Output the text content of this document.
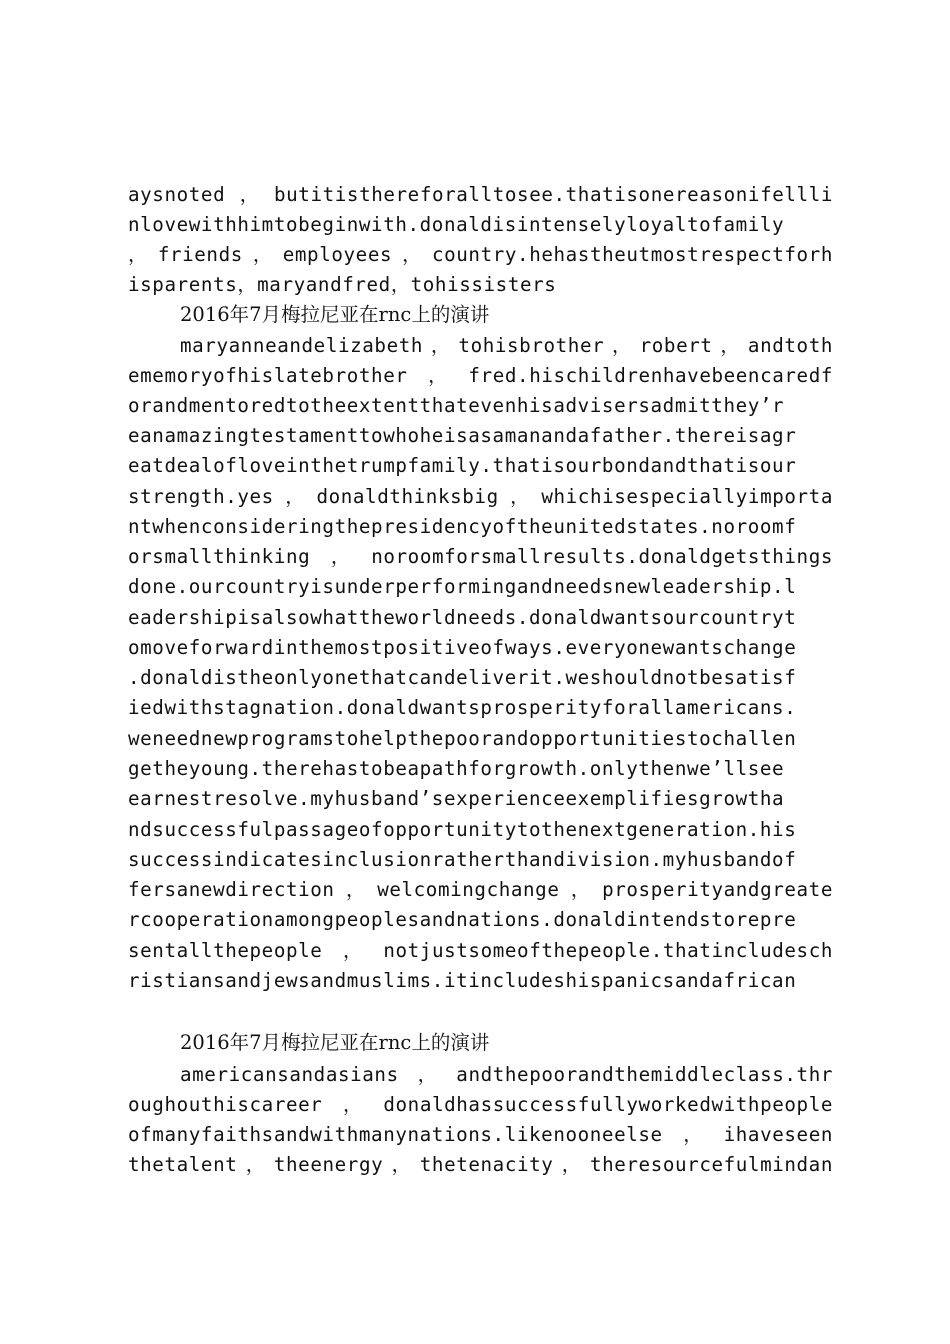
aysnoted，butitisthereforalltosee.thatisonereasonifellli
nlovewithhimtobeginwith.donaldisintenselyloyaltofamily
，friends，employees，country.hehastheutmostrespectforh
isparents，maryandfred，tohissisters
2016年7月梅拉尼亚在rnc上的演讲
maryanneandelizabeth，tohisbrother，robert，andtoth
ememoryofhislatebrother，fred.hischildrenhavebeencaredf
orandmentoredtotheextentthatevenhisadvisersadmitthey’r
eanamazingtestamenttowhoheisasamanandafather.thereisagr
eatdealofloveinthetrumpfamily.thatisourbondandthatisour
strength.yes，donaldthinksbig，whichisespeciallyimporta
ntwhenconsideringthepresidencyoftheunitedstates.noroomf
orsmallthinking，noroomforsmallresults.donaldgetsthings
done.ourcountryisunderperformingandneedsnewleadership.l
eadershipisalsowhattheworldneeds.donaldwantsourcountryt
omoveforwardinthemostpositiveofways.everyonewantschange
.donaldistheonlyonethatcandeliverit.weshouldnotbesatisf
iedwithstagnation.donaldwantsprosperityforallamericans.
weneednewprogramstohelpthepoorandopportunitiestochallen
getheyoung.therehastobeapathforgrowth.onlythenwe’llsee
earnestresolve.myhusband’sexperienceexemplifiesgrowtha
ndsuccessfulpassageofopportunitytothenextgeneration.his
successindicatesinclusionratherthandivision.myhusbandof
fersanewdirection，welcomingchange，prosperityandgreate
rcooperationamongpeoplesandnations.donaldintendstorepre
sentallthepeople，notjustsomeofthepeople.thatincludesch
ristiansandjewsandmuslims.itincludeshispanicsandafrican
2016年7月梅拉尼亚在rnc上的演讲
americansandasians，andthepoorandthemiddleclass.thr
oughouthiscareer，donaldhassuccessfullyworkedwithpeople
ofmanyfaithsandwithmanynations.likenooneelse，ihaveseen
thetalent，theenergy，thetenacity，theresourcefulmindan
